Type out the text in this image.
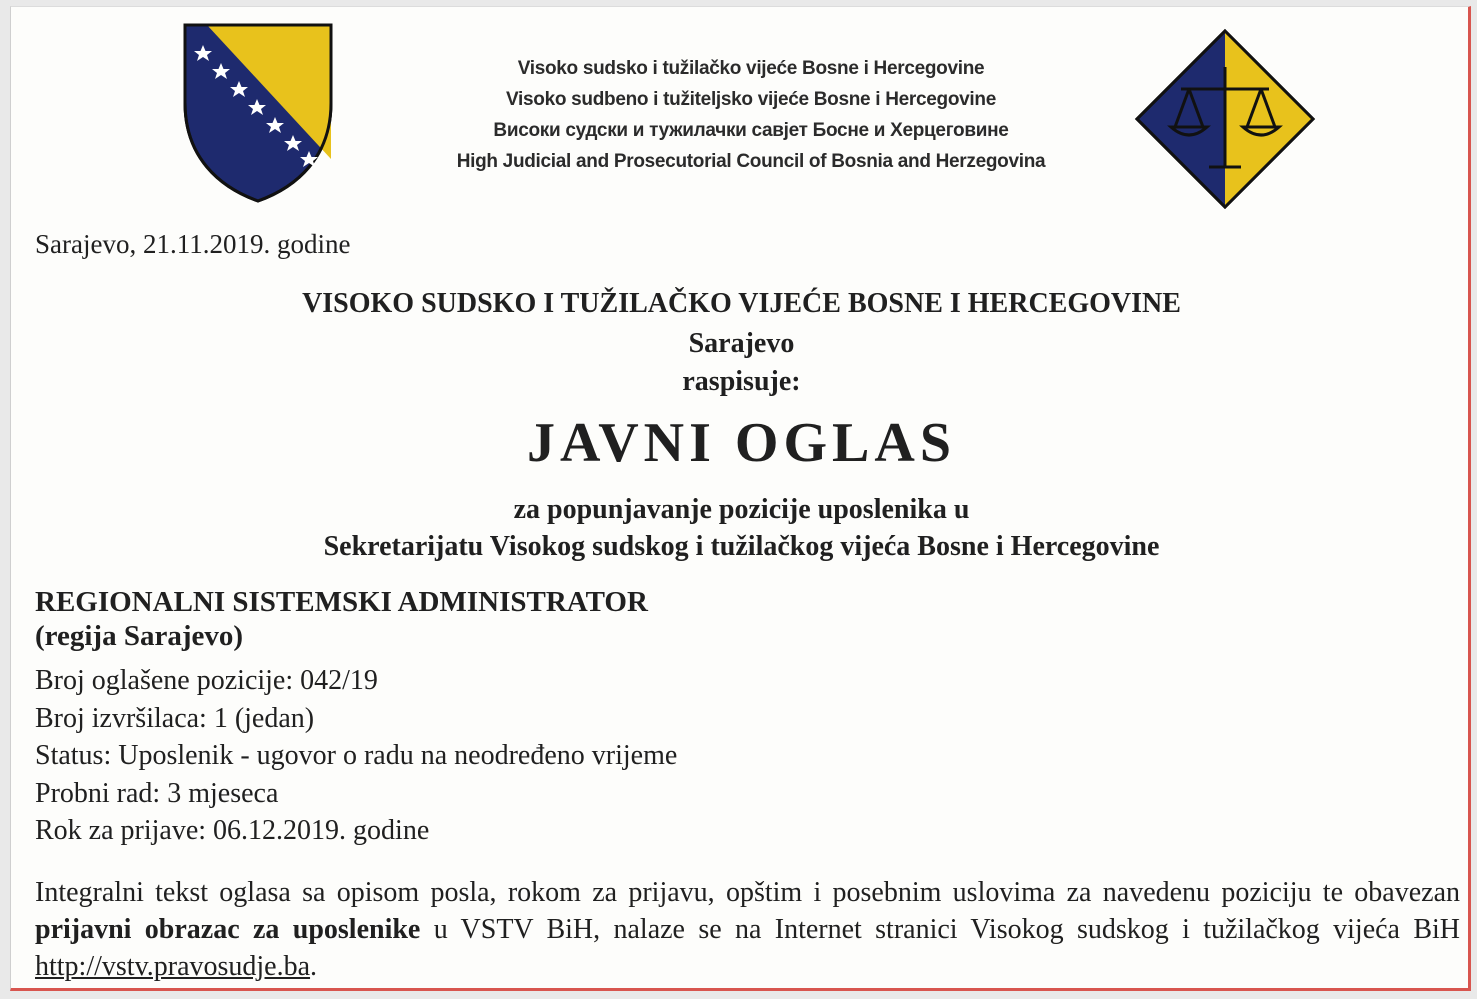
Visoko sudsko i tužilačko vijeće Bosne i Hercegovine
Visoko sudbeno i tužiteljsko vijeće Bosne i Hercegovine
Високи судски и тужилачки савјет Босне и Херцеговине
High Judicial and Prosecutorial Council of Bosnia and Herzegovina
Sarajevo, 21.11.2019. godine
VISOKO SUDSKO I TUŽILAČKO VIJEĆE BOSNE I HERCEGOVINE
Sarajevo
raspisuje:
JAVNI OGLAS
za popunjavanje pozicije uposlenika u
Sekretarijatu Visokog sudskog i tužilačkog vijeća Bosne i Hercegovine
REGIONALNI SISTEMSKI ADMINISTRATOR
(regija Sarajevo)
Broj oglašene pozicije: 042/19
Broj izvršilaca: 1 (jedan)
Status: Uposlenik - ugovor o radu na neodređeno vrijeme
Probni rad: 3 mjeseca
Rok za prijave: 06.12.2019. godine
Integralni tekst oglasa sa opisom posla, rokom za prijavu, opštim i posebnim uslovima za navedenu poziciju te obavezan prijavni obrazac za uposlenike u VSTV BiH, nalaze se na Internet stranici Visokog sudskog i tužilačkog vijeća BiH http://vstv.pravosudje.ba.
